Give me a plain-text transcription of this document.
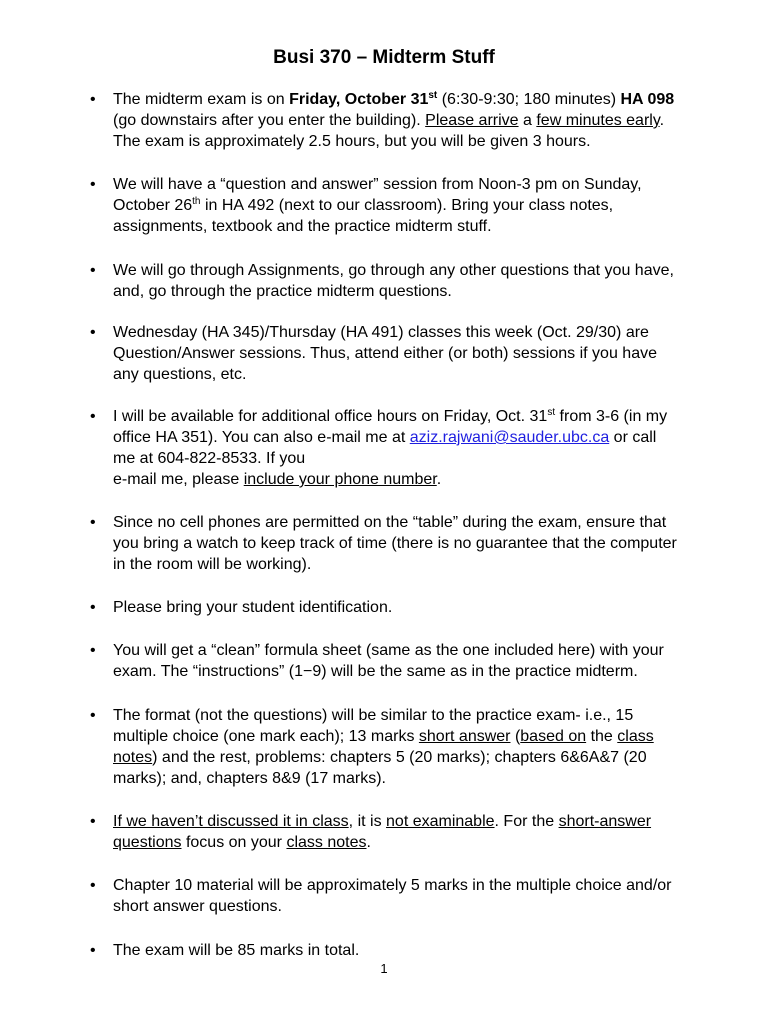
Busi 370 – Midterm Stuff
• The midterm exam is on Friday, October 31st (6:30-9:30; 180 minutes) HA 098
(go downstairs after you enter the building). Please arrive a few minutes early.
The exam is approximately 2.5 hours, but you will be given 3 hours.
• We will have a “question and answer” session from Noon-3 pm on Sunday,
October 26th in HA 492 (next to our classroom). Bring your class notes,
assignments, textbook and the practice midterm stuff.
• We will go through Assignments, go through any other questions that you have,
and, go through the practice midterm questions.
• Wednesday (HA 345)/Thursday (HA 491) classes this week (Oct. 29/30) are
Question/Answer sessions. Thus, attend either (or both) sessions if you have
any questions, etc.
• I will be available for additional office hours on Friday, Oct. 31st from 3-6 (in my
office HA 351). You can also e-mail me at aziz.rajwani@sauder.ubc.ca or call
me at 604-822-8533. If you
e-mail me, please include your phone number.
• Since no cell phones are permitted on the “table” during the exam, ensure that
you bring a watch to keep track of time (there is no guarantee that the computer
in the room will be working).
• Please bring your student identification.
• You will get a “clean” formula sheet (same as the one included here) with your
exam. The “instructions” (1−9) will be the same as in the practice midterm.
• The format (not the questions) will be similar to the practice exam- i.e., 15
multiple choice (one mark each); 13 marks short answer (based on the class
notes) and the rest, problems: chapters 5 (20 marks); chapters 6&6A&7 (20
marks); and, chapters 8&9 (17 marks).
• If we haven’t discussed it in class, it is not examinable. For the short-answer
questions focus on your class notes.
• Chapter 10 material will be approximately 5 marks in the multiple choice and/or
short answer questions.
• The exam will be 85 marks in total.
1
